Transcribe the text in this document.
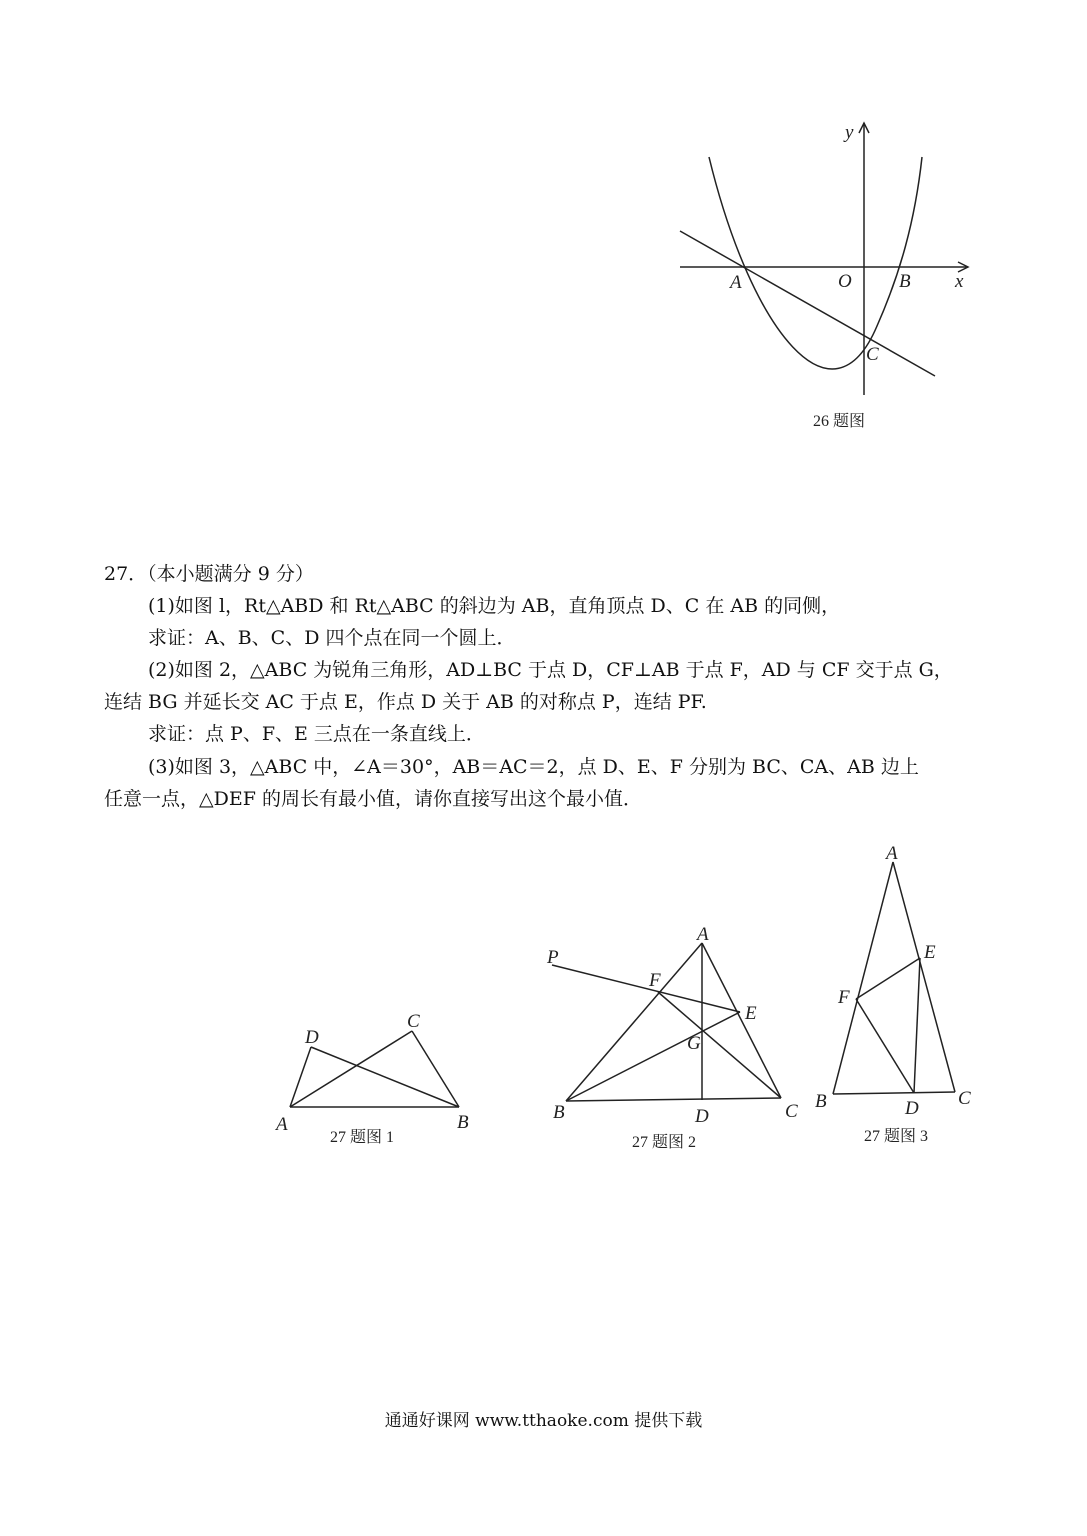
y
x
O
A	B
C
26 题图
27．（本小题满分 9 分）
(1)如图 l，Rt△ABD 和 Rt△ABC 的斜边为 AB，直角顶点 D、C 在 AB 的同侧，
求证：A、B、C、D 四个点在同一个圆上．
(2)如图 2，△ABC 为锐角三角形，AD⊥BC 于点 D，CF⊥AB 于点 F，AD 与 CF 交于点 G，
连结 BG 并延长交 AC 于点 E，作点 D 关于 AB 的对称点 P，连结 PF.
求证：点 P、F、E 三点在一条直线上．
(3)如图 3，△ABC 中，∠A＝30°，AB＝AC＝2，点 D、E、F 分别为 BC、CA、AB 边上
任意一点，△DEF 的周长有最小值，请你直接写出这个最小值．
A	B
C
D
27 题图 1
A
P
F
E
G
B	D	C
27 题图 2
A
E
F
B	D C
27 题图 3
通通好课网 www.tthaoke.com 提供下载
